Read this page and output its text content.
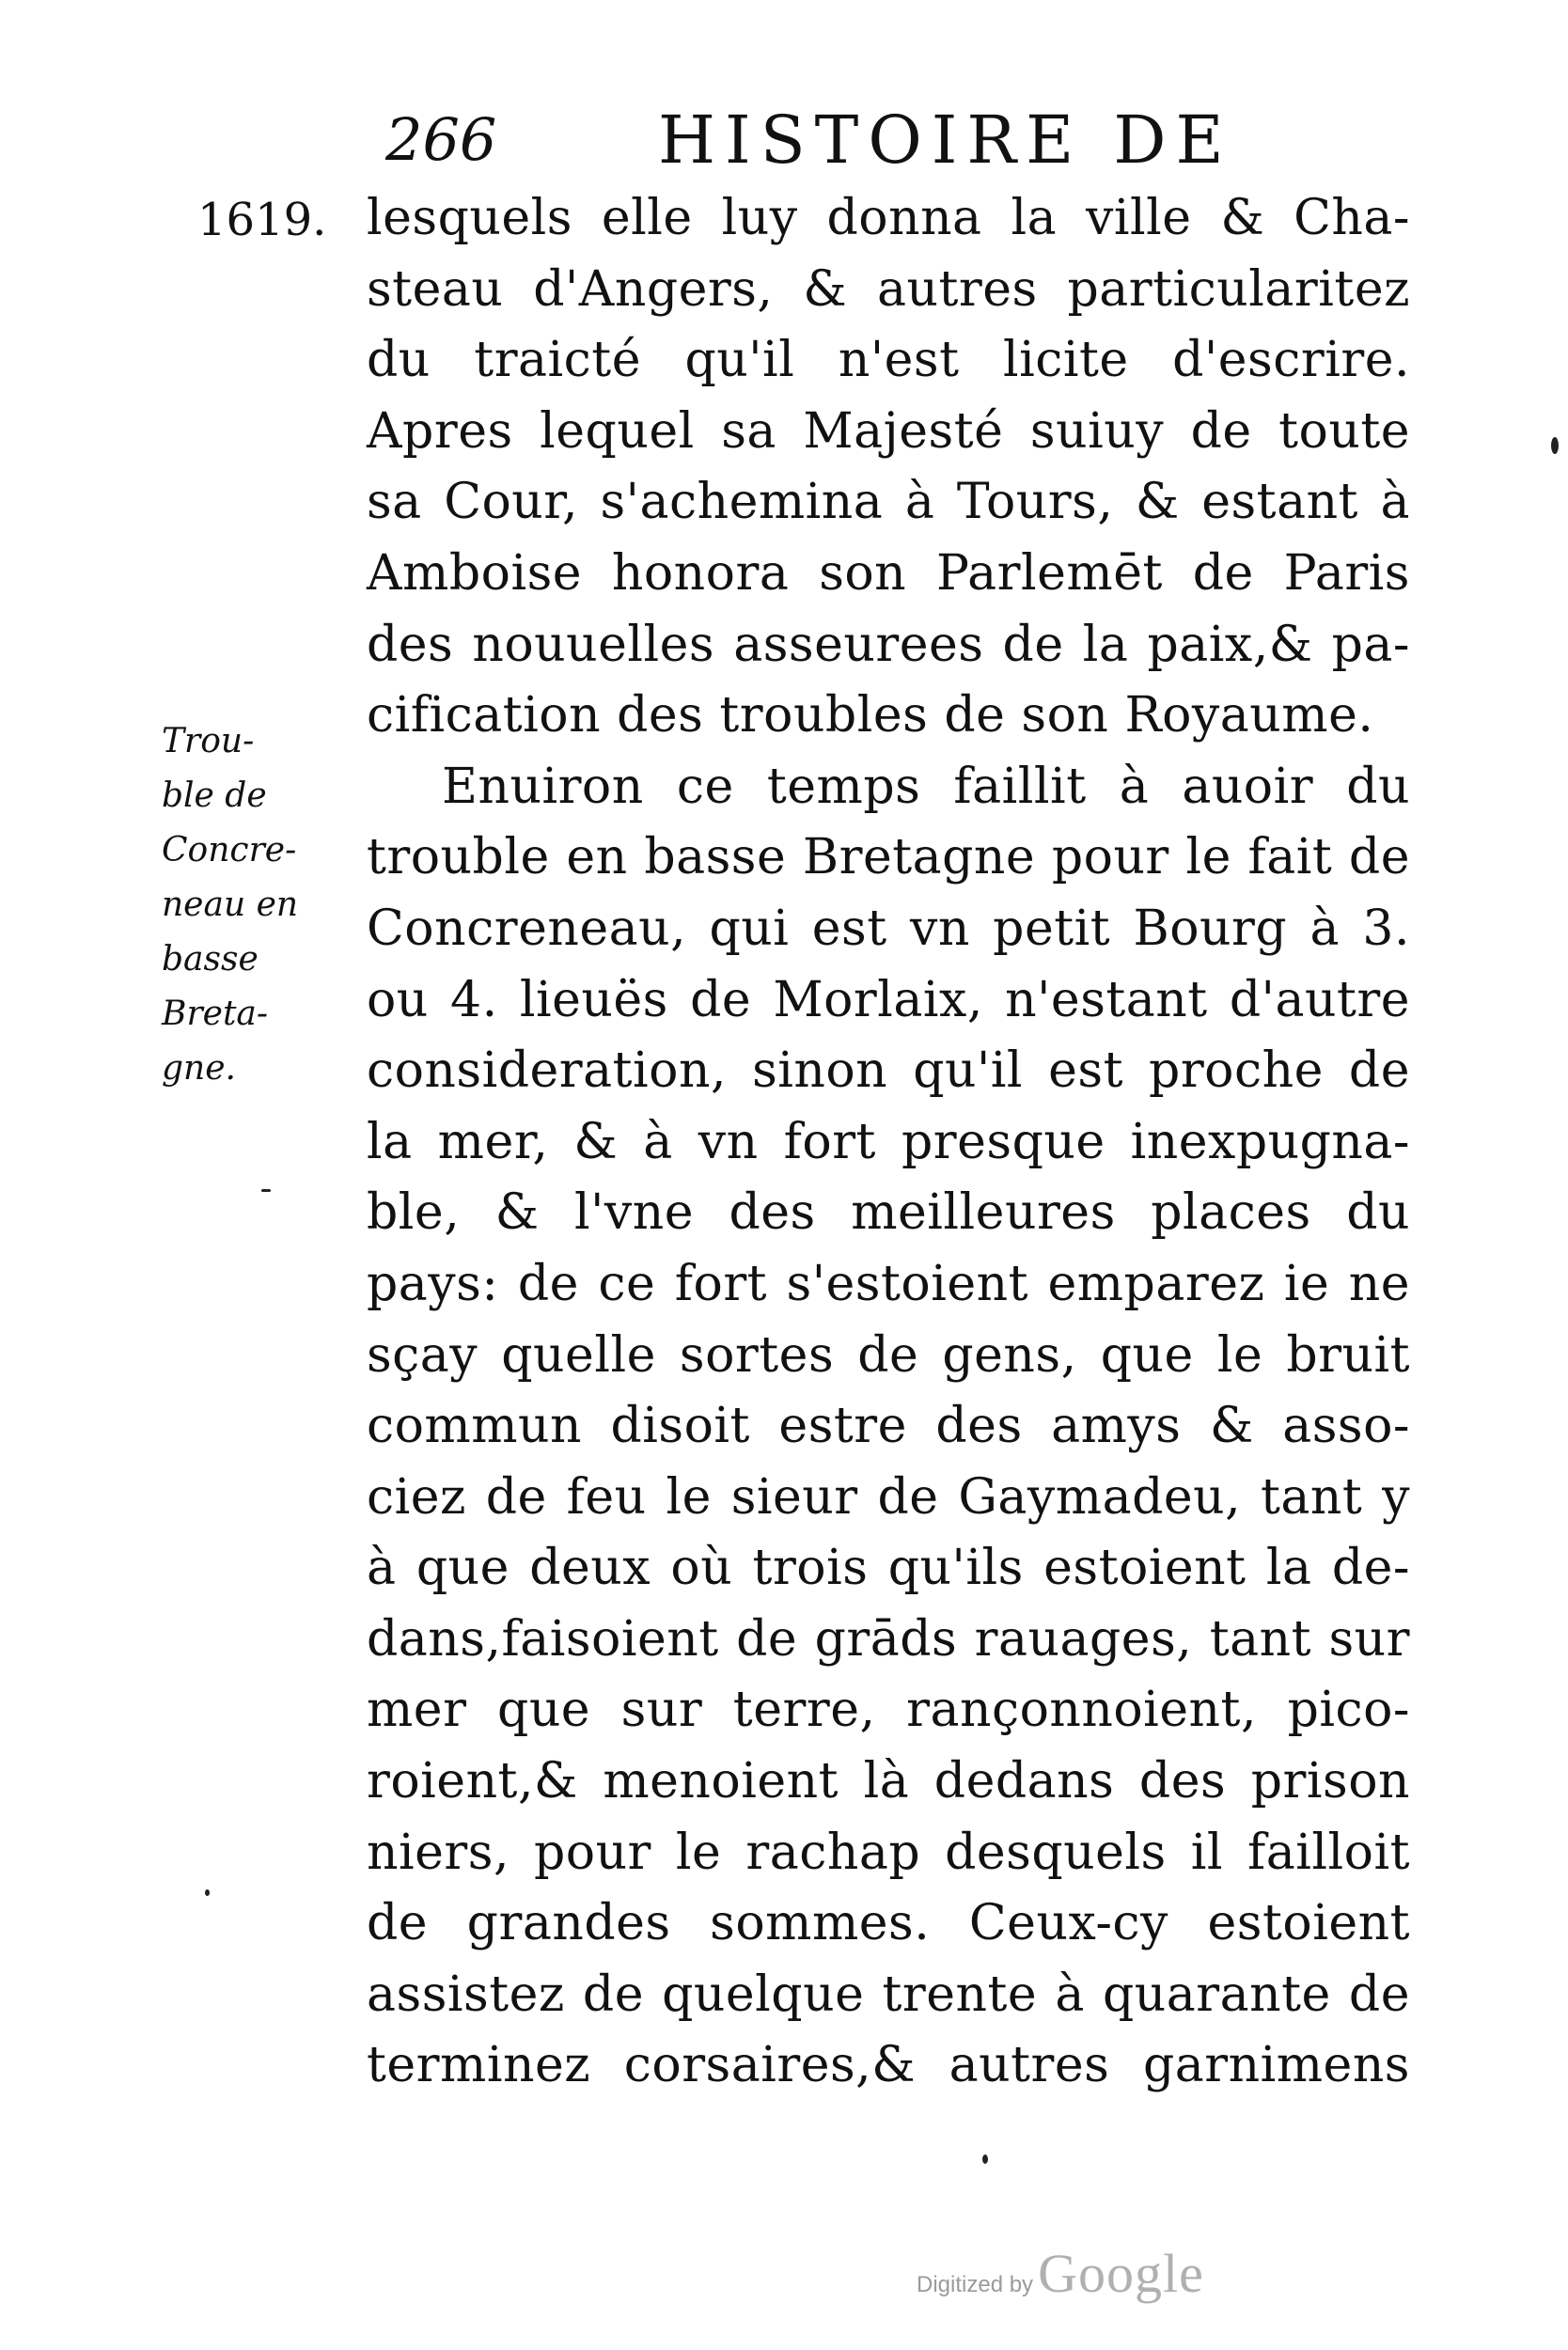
266 HISTOIRE DE
1619.
Trou-
ble de
Concre-
neau en
basse
Breta-
gne.
lesquels elle luy donna la ville & Cha-
steau d'Angers, & autres particularitez
du traicté qu'il n'est licite d'escrire.
Apres lequel sa Majesté suiuy de toute
sa Cour, s'achemina à Tours, & estant à
Amboise honora son Parlemēt de Paris
des nouuelles asseurees de la paix,& pa-
cification des troubles de son Royaume.
Enuiron ce temps faillit à auoir du
trouble en basse Bretagne pour le fait de
Concreneau, qui est vn petit Bourg à 3.
ou 4. lieuës de Morlaix, n'estant d'autre
consideration, sinon qu'il est proche de
la mer, & à vn fort presque inexpugna-
ble, & l'vne des meilleures places du
pays: de ce fort s'estoient emparez ie ne
sçay quelle sortes de gens, que le bruit
commun disoit estre des amys & asso-
ciez de feu le sieur de Gaymadeu, tant y
à que deux où trois qu'ils estoient la de-
dans,faisoient de grāds rauages, tant sur
mer que sur terre, rançonnoient, pico-
roient,& menoient là dedans des prison
niers, pour le rachap desquels il failloit
de grandes sommes. Ceux-cy estoient
assistez de quelque trente à quarante de
terminez corsaires,& autres garnimens
Digitized by Google
